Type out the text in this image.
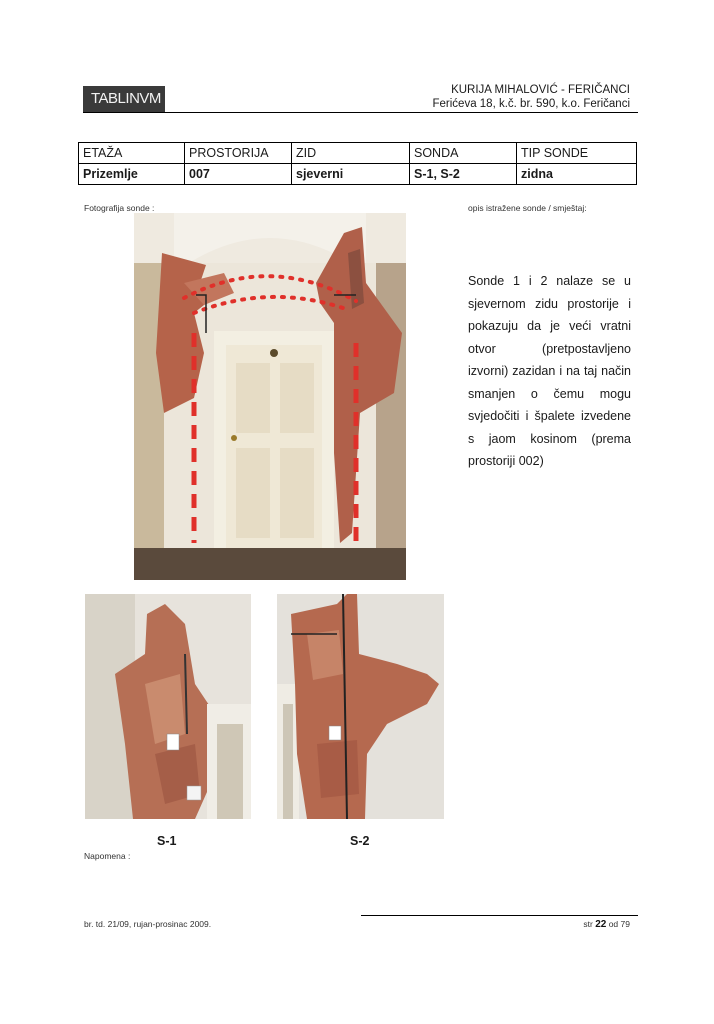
TABLINVM	KURIJA MIHALOVIĆ - FERIČANCI
Ferićeva 18, k.č. br. 590, k.o. Feričanci
ETAŽA	PROSTORIJA	ZID	SONDA	TIP SONDE
Prizemlje	007	sjeverni	S-1, S-2	zidna
Fotografija sonde :	opis istražene sonde / smještaj:
Sonde 1 i 2 nalaze se u sjevernom zidu prostorije i pokazuju da je veći vratni otvor (pretpostavljeno izvorni) zazidan i na taj način smanjen o čemu mogu svjedočiti i špalete izvedene s jaom kosinom (prema prostoriji 002)
S-1	S-2
Napomena :
br. td. 21/09, rujan-prosinac 2009.	str 22 od 79
